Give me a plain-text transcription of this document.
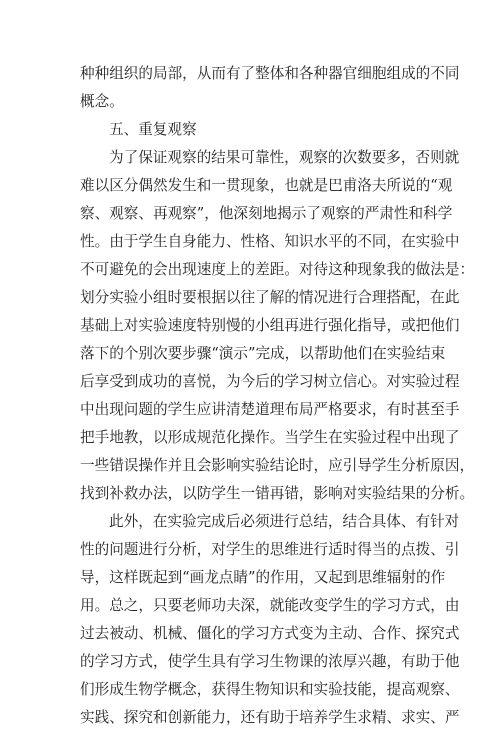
种种组织的局部，从而有了整体和各种器官细胞组成的不同
概念。
五、重复观察
为了保证观察的结果可靠性，观察的次数要多，否则就
难以区分偶然发生和一贯现象，也就是巴甫洛夫所说的“观
察、观察、再观察”，他深刻地揭示了观察的严肃性和科学
性。由于学生自身能力、性格、知识水平的不同，在实验中
不可避免的会出现速度上的差距。对待这种现象我的做法是：
划分实验小组时要根据以往了解的情况进行合理搭配，在此
基础上对实验速度特别慢的小组再进行强化指导，或把他们
落下的个别次要步骤“演示”完成，以帮助他们在实验结束
后享受到成功的喜悦，为今后的学习树立信心。对实验过程
中出现问题的学生应讲清楚道理布局严格要求，有时甚至手
把手地教，以形成规范化操作。当学生在实验过程中出现了
一些错误操作并且会影响实验结论时，应引导学生分析原因，
找到补救办法，以防学生一错再错，影响对实验结果的分析。
此外，在实验完成后必须进行总结，结合具体、有针对
性的问题进行分析，对学生的思维进行适时得当的点拨、引
导，这样既起到“画龙点睛”的作用，又起到思维辐射的作
用。总之，只要老师功夫深，就能改变学生的学习方式，由
过去被动、机械、僵化的学习方式变为主动、合作、探究式
的学习方式，使学生具有学习生物课的浓厚兴趣，有助于他
们形成生物学概念，获得生物知识和实验技能，提高观察、
实践、探究和创新能力，还有助于培养学生求精、求实、严
